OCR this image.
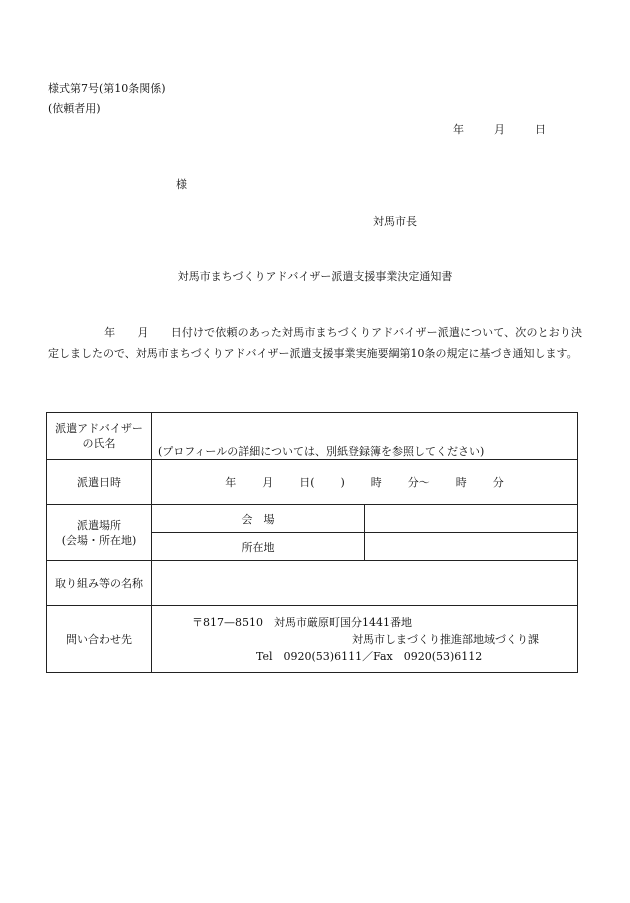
様式第7号(第10条関係)
(依頼者用)
年	月	日
様
対馬市長
対馬市まちづくりアドバイザー派遣支援事業決定通知書
年 月 日付けで依頼のあった対馬市まちづくりアドバイザー派遣について、次のとおり決定しましたので、対馬市まちづくりアドバイザー派遣支援事業実施要綱第10条の規定に基づき通知します。
派遣アドバイザー
の氏名	(プロフィールの詳細については、別紙登録簿を参照してください)	

派遣日時	年 月 日( ) 時 分〜 時 分	
派遣場所
(会場・所在地)	会　場	
	所在地	
取り組み等の名称		
問い合わせ先	〒817—8510　対馬市厳原町国分1441番地
対馬市しまづくり推進部地域づくり課
Tel　0920(53)6111／Fax　0920(53)6112	
